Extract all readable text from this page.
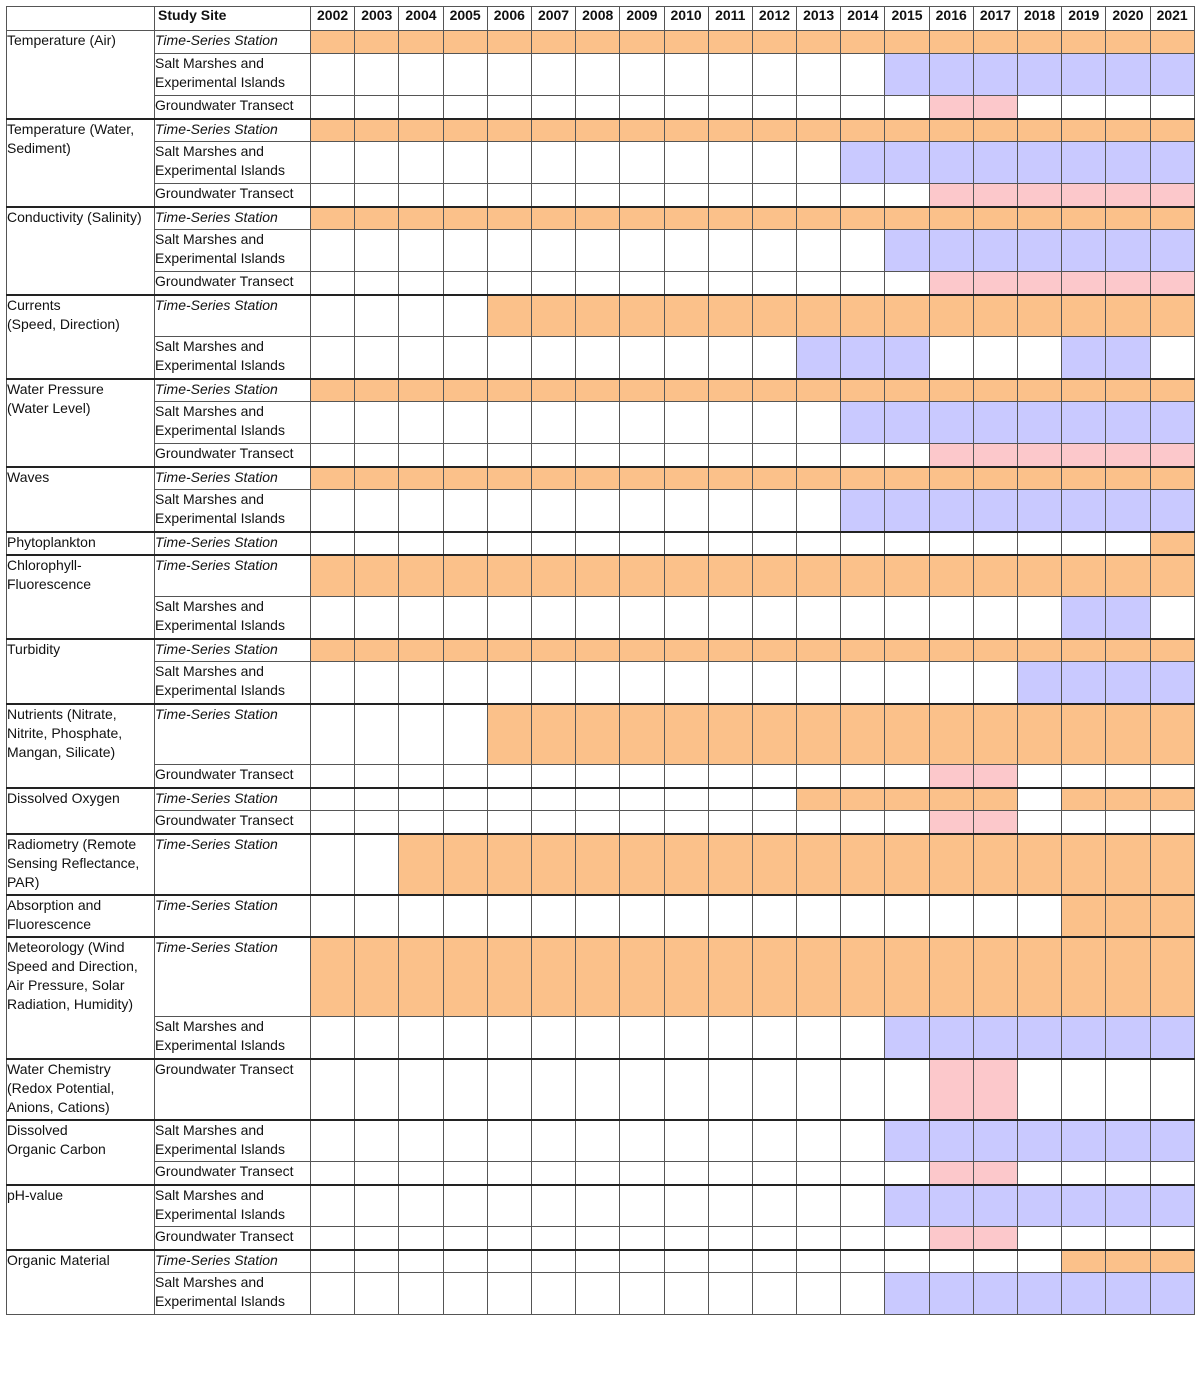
	Study Site	2002	2003	2004	2005	2006	2007	2008	2009	2010	2011	2012	2013	2014	2015	2016	2017	2018	2019	2020	2021
Temperature (Air)	Time-Series Station																				
	Salt Marshes and
Experimental Islands																				
	Groundwater Transect																				
Temperature (Water,
Sediment)	Time-Series Station																				
	Salt Marshes and
Experimental Islands																				
	Groundwater Transect																				
Conductivity (Salinity)	Time-Series Station																				
	Salt Marshes and
Experimental Islands																				
	Groundwater Transect																				
Currents
(Speed, Direction)	Time-Series Station																				
	Salt Marshes and
Experimental Islands																				
Water Pressure
(Water Level)	Time-Series Station																				
	Salt Marshes and
Experimental Islands																				
	Groundwater Transect																				
Waves	Time-Series Station																				
	Salt Marshes and
Experimental Islands																				
Phytoplankton	Time-Series Station																				
Chlorophyll-
Fluorescence	Time-Series Station																				
	Salt Marshes and
Experimental Islands																				
Turbidity	Time-Series Station																				
	Salt Marshes and
Experimental Islands																				
Nutrients (Nitrate,
Nitrite, Phosphate,
Mangan, Silicate)	Time-Series Station																				
	Groundwater Transect																				
Dissolved Oxygen	Time-Series Station																				
	Groundwater Transect																				
Radiometry (Remote
Sensing Reflectance,
PAR)	Time-Series Station																				
Absorption and
Fluorescence	Time-Series Station																				
Meteorology (Wind
Speed and Direction,
Air Pressure, Solar
Radiation, Humidity)	Time-Series Station																				
	Salt Marshes and
Experimental Islands																				
Water Chemistry
(Redox Potential,
Anions, Cations)	Groundwater Transect																				
Dissolved
Organic Carbon	Salt Marshes and
Experimental Islands																				
	Groundwater Transect																				
pH-value	Salt Marshes and
Experimental Islands																				
	Groundwater Transect																				
Organic Material	Time-Series Station																				
	Salt Marshes and
Experimental Islands																				
